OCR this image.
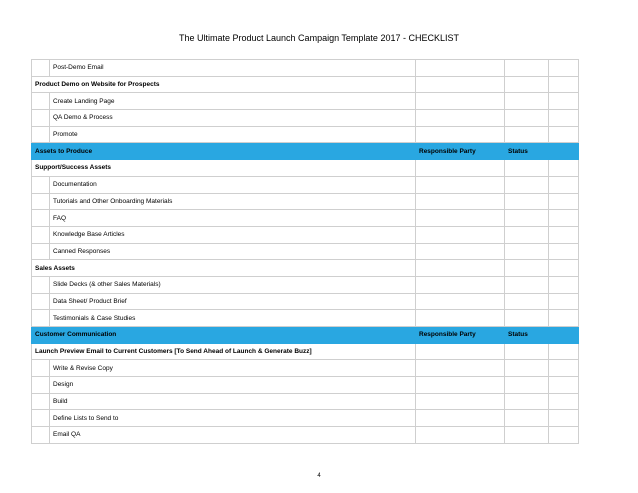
The Ultimate Product Launch Campaign Template 2017 - CHECKLIST
	Post-Demo Email			
Product Demo on Website for Prospects				
	Create Landing Page			
	QA Demo & Process			
	Promote			
Assets to Produce		Responsible Party	Status	
Support/Success Assets				
	Documentation			
	Tutorials and Other Onboarding Materials			
	FAQ			
	Knowledge Base Articles			
	Canned Responses			
Sales Assets				
	Slide Decks (& other Sales Materials)			
	Data Sheet/ Product Brief			
	Testimonials & Case Studies			
Customer Communication		Responsible Party	Status	
Launch Preview Email to Current Customers [To Send Ahead of Launch & Generate Buzz]				
	Write & Revise Copy			
	Design			
	Build			
	Define Lists to Send to			
	Email QA			
4
